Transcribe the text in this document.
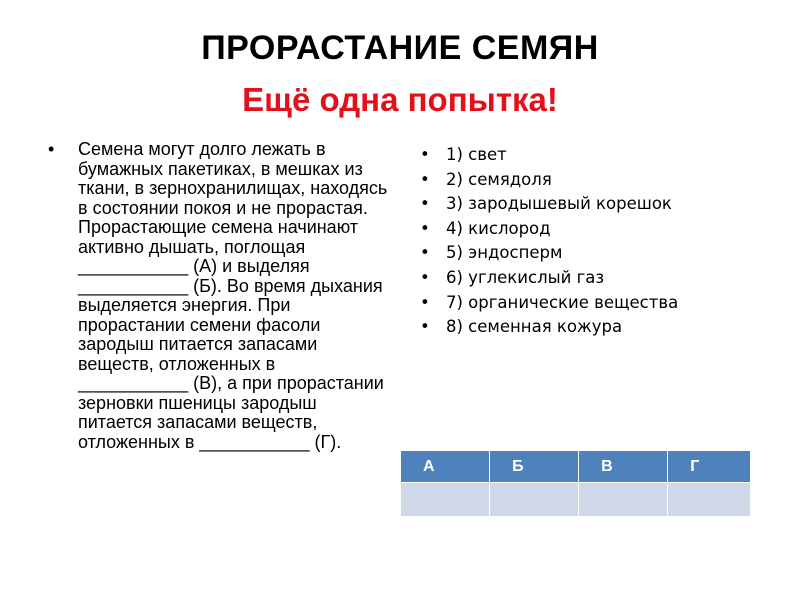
ПРОРАСТАНИЕ СЕМЯН
Ещё одна попытка!
• Семена могут долго лежать в бумажных пакетиках, в мешках из ткани, в зернохранилищах, находясь в состоянии покоя и не прорастая. Прорастающие семена начинают активно дышать, поглощая ___________ (А) и выделяя ___________ (Б). Во время дыхания выделяется энергия. При прорастании семени фасоли зародыш питается запасами веществ, отложенных в ___________ (В), а при прорастании зерновки пшеницы зародыш питается запасами веществ, отложенных в ___________ (Г).
• 1) свет
• 2) семядоля
• 3) зародышевый корешок
• 4) кислород
• 5) эндосперм
• 6) углекислый газ
• 7) органические вещества
• 8) семенная кожура
А	Б	В	Г
